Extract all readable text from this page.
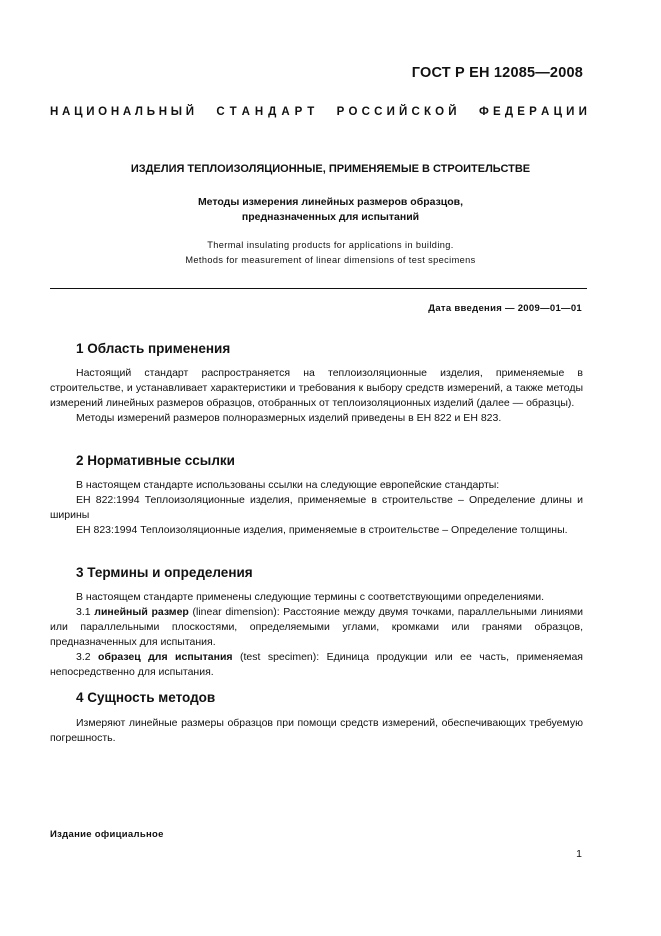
ГОСТ Р ЕН 12085—2008
Н А Ц И О Н А Л Ь Н Ы Й С Т А Н Д А Р Т Р О С С И Й С К О Й Ф Е Д Е Р А Ц И И
ИЗДЕЛИЯ ТЕПЛОИЗОЛЯЦИОННЫЕ, ПРИМЕНЯЕМЫЕ В СТРОИТЕЛЬСТВЕ
Методы измерения линейных размеров образцов,
предназначенных для испытаний
Thermal insulating products for applications in building.
Methods for measurement of linear dimensions of test specimens
Дата введения — 2009—01—01
1 Область применения

Настоящий стандарт распространяется на теплоизоляционные изделия, применяемые в строительстве, и устанавливает характеристики и требования к выбору средств измерений, а также методы измерений линейных размеров образцов, отобранных от теплоизоляционных изделий (далее — образцы).

Методы измерений размеров полноразмерных изделий приведены в ЕН 822 и ЕН 823.

2 Нормативные ссылки

В настоящем стандарте использованы ссылки на следующие европейские стандарты:

ЕН 822:1994 Теплоизоляционные изделия, применяемые в строительстве – Определение длины и ширины

ЕН 823:1994 Теплоизоляционные изделия, применяемые в строительстве – Определение толщины.

3 Термины и определения

В настоящем стандарте применены следующие термины с соответствующими определениями.

3.1 линейный размер (linear dimension): Расстояние между двумя точками, параллельными линиями или параллельными плоскостями, определяемыми углами, кромками или гранями образцов, предназначенных для испытания.

3.2 образец для испытания (test specimen): Единица продукции или ее часть, применяемая непосредственно для испытания.

4 Сущность методов

Измеряют линейные размеры образцов при помощи средств измерений, обеспечивающих требуемую погрешность.

Издание официальное
1
